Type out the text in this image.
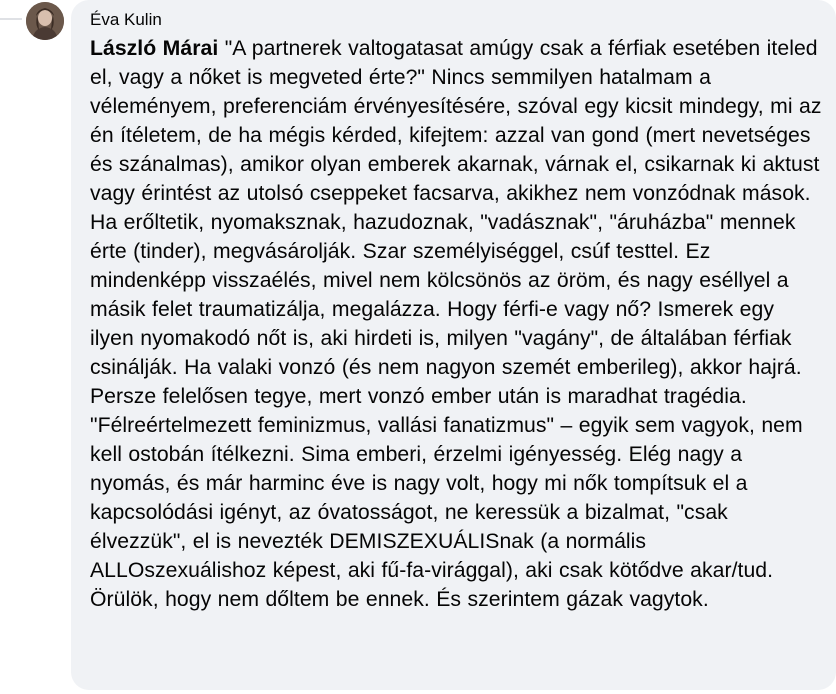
Éva Kulin
László Márai "A partnerek valtogatasat amúgy csak a férfiak esetében iteled el, vagy a nőket is megveted érte?" Nincs semmilyen hatalmam a véleményem, preferenciám érvényesítésére, szóval egy kicsit mindegy, mi az én ítéletem, de ha mégis kérded, kifejtem: azzal van gond (mert nevetséges és szánalmas), amikor olyan emberek akarnak, várnak el, csikarnak ki aktust vagy érintést az utolsó cseppeket facsarva, akikhez nem vonzódnak mások. Ha erőltetik, nyomaksznak, hazudoznak, "vadásznak", "áruházba" mennek érte (tinder), megvásárolják. Szar személyiséggel, csúf testtel. Ez mindenképp visszaélés, mivel nem kölcsönös az öröm, és nagy eséllyel a másik felet traumatizálja, megalázza. Hogy férfi-e vagy nő? Ismerek egy ilyen nyomakodó nőt is, aki hirdeti is, milyen "vagány", de általában férfiak csinálják. Ha valaki vonzó (és nem nagyon szemét emberileg), akkor hajrá. Persze felelősen tegye, mert vonzó ember után is maradhat tragédia. "Félreértelmezett feminizmus, vallási fanatizmus" – egyik sem vagyok, nem kell ostobán ítélkezni. Sima emberi, érzelmi igényesség. Elég nagy a nyomás, és már harminc éve is nagy volt, hogy mi nők tompítsuk el a kapcsolódási igényt, az óvatosságot, ne keressük a bizalmat, "csak élvezzük", el is nevezték DEMISZEXUÁLISnak (a normális ALLOszexuálishoz képest, aki fű-fa-virággal), aki csak kötődve akar/tud. Örülök, hogy nem dőltem be ennek. És szerintem gázak vagytok.
